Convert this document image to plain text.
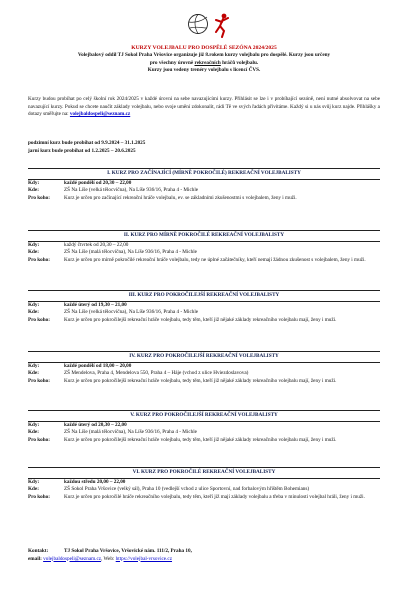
KURZY VOLEJBALU PRO DOSPĚLÉ SEZÓNA 2024/2025
Volejbalový oddíl TJ Sokol Praha Vršovice organizuje již 8.rokem kurzy volejbalu pro dospělé. Kurzy jsou určeny
pro všechny úrovně rekreačních hráčů volejbalu.
Kurzy jsou vedeny trenéry volejbalu s licencí ČVS.
Kurzy budou probíhat po celý školní rok 2024/2025 v každé úrovni na sebe navazujícími kurzy. Přihlásit se lze i v probíhající sezóně, není nutné absolvovat na sebe navazující kurzy. Pokud se chcete naučit základy volejbalu, nebo svoje umění zdokonalit, rádi Tě ve svých řadách přivítáme. Každý si u nás svůj kurz najde. Přihlášky a dotazy směřujte na: volejbaldospeli@seznam.cz
podzimní kurz bude probíhat od 9.9.2024 – 31.1.2025
jarní kurz bude probíhat od 1.2.2025 – 20.6.2025
I. KURZ PRO ZAČÍNAJÍCÍ (MÍRNĚ POKROČILÉ) REKREAČNÍ VOLEJBALISTY
Kdy:	každé pondělí od 20,30 – 22,00
Kde:	ZŠ Na Líše (velká tělocvična), Na Líše 936/16, Praha 4 - Michle
Pro koho:	Kurz je určen pro začínající rekreační hráče volejbalu, ev. se základními zkušenostmi s volejbalem, ženy i muži.
II. KURZ PRO MÍRNĚ POKROČILÉ REKREAČNÍ VOLEJBALISTY
Kdy:	každý čtvrtek od 20,30 – 22,00
Kde:	ZŠ Na Líše (malá tělocvična), Na Líše 936/16, Praha 4 - Michle
Pro koho:	Kurz je určen pro mírně pokročilé rekreační hráče volejbalu, tedy ne úplné začátečníky, kteří nemají žádnou zkušenost s volejbalem, ženy i muži.
III. KURZ PRO POKROČILEJŠÍ REKREAČNÍ VOLEJBALISTY
Kdy:	každé úterý od 19,30 – 21,00
Kde:	ZŠ Na Líše (velká tělocvična), Na Líše 936/16, Praha 4 - Michle
Pro koho:	Kurz je určen pro pokročilejší rekreační hráče volejbalu, tedy těm, kteří již nějaké základy rekreačního volejbalu mají, ženy i muži.
IV. KURZ PRO POKROČILEJŠÍ REKREAČNÍ VOLEJBALISTY
Kdy:	každé pondělí od 18,00 – 20,00
Kde:	ZŠ Mendelova, Praha 4, Mendelova 550, Praha 4 – Háje (vchod z ulice Hviezdoslavova)
Pro koho:	Kurz je určen pro pokročilejší rekreační hráče volejbalu, tedy těm, kteří již nějaké základy rekreačního volejbalu mají, ženy i muži.
V. KURZ PRO POKROČILEJŠÍ REKREAČNÍ VOLEJBALISTY
Kdy:	každé úterý od 20,30 – 22,00
Kde:	ZŠ Na Líše (malá tělocvična), Na Líše 936/16, Praha 4 - Michle
Pro koho:	Kurz je určen pro pokročilejší rekreační hráče volejbalu, tedy těm, kteří již nějaké základy rekreačního volejbalu mají, ženy i muži.
VI. KURZ PRO POKROČILÉ REKREAČNÍ VOLEJBALISTY
Kdy:	každou středu 20,00 – 22,00
Kde:	ZŠ Sokol Praha Vršovice (velký sál), Praha 10 (vedlejší vchod z ulice Sportovní, nad forbalovým hřištěm Bohemians)
Pro koho:	Kurz je určen pro pokročilé hráče rekreačního volejbalu, tedy těm, kteří již mají základy volejbalu a třeba v minulosti volejbal hráli, ženy i muži.
Kontakt:	TJ Sokol Praha Vršovice, Vršovické nám. 111/2, Praha 10,
email: volejbaldospeli@seznam.cz, Web: https://volejbal-vrsovice.cz
